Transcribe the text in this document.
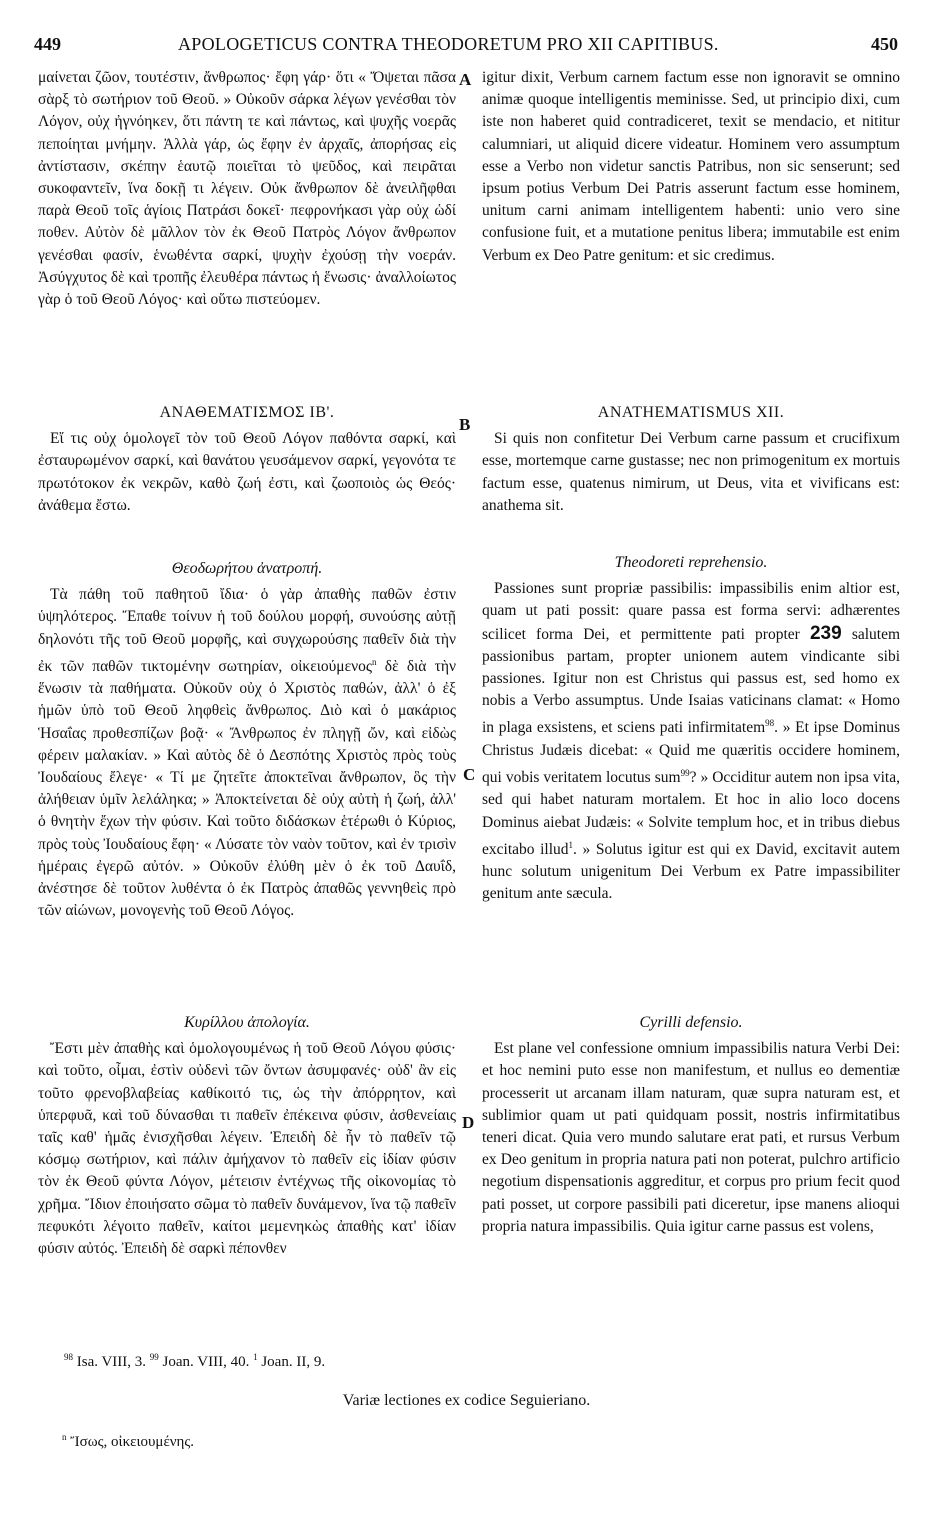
449	APOLOGETICUS CONTRA THEODORETUM PRO XII CAPITIBUS.	450
A
B
C
D

μαίνεται ζῶον, τουτέστιν, ἄνθρωπος· ἔφη γάρ· ὅτι « Ὄψεται πᾶσα σὰρξ τὸ σωτήριον τοῦ Θεοῦ. » Οὐκοῦν σάρκα λέγων γενέσθαι τὸν Λόγον, οὐχ ἠγνόηκεν, ὅτι πάντη τε καὶ πάντως, καὶ ψυχῆς νοερᾶς πεποίηται μνήμην. Ἀλλὰ γάρ, ὡς ἔφην ἐν ἀρχαῖς, ἀπορήσας εἰς ἀντίστασιν, σκέπην ἑαυτῷ ποιεῖται τὸ ψεῦδος, καὶ πειρᾶται συκοφαντεῖν, ἵνα δοκῇ τι λέγειν. Οὐκ ἄνθρωπον δὲ ἀνειλῆφθαι παρὰ Θεοῦ τοῖς ἁγίοις Πατράσι δοκεῖ· πεφρονήκασι γὰρ οὐχ ὡδί ποθεν. Αὐτὸν δὲ μᾶλλον τὸν ἐκ Θεοῦ Πατρὸς Λόγον ἄνθρωπον γενέσθαι φασίν, ἑνωθέντα σαρκί, ψυχὴν ἐχούσῃ τὴν νοεράν. Ἀσύγχυτος δὲ καὶ τροπῆς ἐλευθέρα πάντως ἡ ἕνωσις· ἀναλλοίωτος γὰρ ὁ τοῦ Θεοῦ Λόγος· καὶ οὕτω πιστεύομεν.

ΑΝΑΘΕΜΑΤΙΣΜΟΣ ΙΒ'.

Εἴ τις οὐχ ὁμολογεῖ τὸν τοῦ Θεοῦ Λόγον παθόντα σαρκί, καὶ ἐσταυρωμένον σαρκί, καὶ θανάτου γευσάμενον σαρκί, γεγονότα τε πρωτότοκον ἐκ νεκρῶν, καθὸ ζωή ἐστι, καὶ ζωοποιὸς ὡς Θεός· ἀνάθεμα ἔστω.

Θεοδωρήτου ἀνατροπή.

Τὰ πάθη τοῦ παθητοῦ ἴδια· ὁ γὰρ ἀπαθὴς παθῶν ἐστιν ὑψηλότερος. Ἔπαθε τοίνυν ἡ τοῦ δούλου μορφή, συνούσης αὐτῇ δηλονότι τῆς τοῦ Θεοῦ μορφῆς, καὶ συγχωρούσης παθεῖν διὰ τὴν ἐκ τῶν παθῶν τικτομένην σωτηρίαν, οἰκειούμενος$^n$ δὲ διὰ τὴν ἕνωσιν τὰ παθήματα. Οὐκοῦν οὐχ ὁ Χριστὸς παθών, ἀλλ' ὁ ἐξ ἡμῶν ὑπὸ τοῦ Θεοῦ ληφθεὶς ἄνθρωπος. Διὸ καὶ ὁ μακάριος Ἡσαΐας προθεσπίζων βοᾷ· « Ἄνθρωπος ἐν πληγῇ ὤν, καὶ εἰδὼς φέρειν μαλακίαν. » Καὶ αὐτὸς δὲ ὁ Δεσπότης Χριστὸς πρὸς τοὺς Ἰουδαίους ἔλεγε· « Τί με ζητεῖτε ἀποκτεῖναι ἄνθρωπον, ὃς τὴν ἀλήθειαν ὑμῖν λελάληκα; » Ἀποκτείνεται δὲ οὐχ αὐτὴ ἡ ζωή, ἀλλ' ὁ θνητὴν ἔχων τὴν φύσιν. Καὶ τοῦτο διδάσκων ἑτέρωθι ὁ Κύριος, πρὸς τοὺς Ἰουδαίους ἔφη· « Λύσατε τὸν ναὸν τοῦτον, καὶ ἐν τρισὶν ἡμέραις ἐγερῶ αὐτόν. » Οὐκοῦν ἐλύθη μὲν ὁ ἐκ τοῦ Δαυΐδ, ἀνέστησε δὲ τοῦτον λυθέντα ὁ ἐκ Πατρὸς ἀπαθῶς γεννηθεὶς πρὸ τῶν αἰώνων, μονογενὴς τοῦ Θεοῦ Λόγος.

Κυρίλλου ἀπολογία.

Ἔστι μὲν ἀπαθὴς καὶ ὁμολογουμένως ἡ τοῦ Θεοῦ Λόγου φύσις· καὶ τοῦτο, οἶμαι, ἐστὶν οὐδενὶ τῶν ὄντων ἀσυμφανές· οὐδ' ἂν εἰς τοῦτο φρενοβλαβείας καθίκοιτό τις, ὡς τὴν ἀπόρρητον, καὶ ὑπερφυᾶ, καὶ τοῦ δύνασθαι τι παθεῖν ἐπέκεινα φύσιν, ἀσθενείαις ταῖς καθ' ἡμᾶς ἐνισχῆσθαι λέγειν. Ἐπειδὴ δὲ ἦν τὸ παθεῖν τῷ κόσμῳ σωτήριον, καὶ πάλιν ἀμήχανον τὸ παθεῖν εἰς ἰδίαν φύσιν τὸν ἐκ Θεοῦ φύντα Λόγον, μέτεισιν ἐντέχνως τῆς οἰκονομίας τὸ χρῆμα. Ἴδιον ἐποιήσατο σῶμα τὸ παθεῖν δυνάμενον, ἵνα τῷ παθεῖν πεφυκότι λέγοιτο παθεῖν, καίτοι μεμενηκὼς ἀπαθὴς κατ' ἰδίαν φύσιν αὐτός. Ἐπειδὴ δὲ σαρκὶ πέπονθεν

igitur dixit, Verbum carnem factum esse non ignoravit se omnino animæ quoque intelligentis meminisse. Sed, ut principio dixi, cum iste non haberet quid contradiceret, texit se mendacio, et nititur calumniari, ut aliquid dicere videatur. Hominem vero assumptum esse a Verbo non videtur sanctis Patribus, non sic senserunt; sed ipsum potius Verbum Dei Patris asserunt factum esse hominem, unitum carni animam intelligentem habenti: unio vero sine confusione fuit, et a mutatione penitus libera; immutabile est enim Verbum ex Deo Patre genitum: et sic credimus.

ANATHEMATISMUS XII.

Si quis non confitetur Dei Verbum carne passum et crucifixum esse, mortemque carne gustasse; nec non primogenitum ex mortuis factum esse, quatenus nimirum, ut Deus, vita et vivificans est: anathema sit.

Theodoreti reprehensio.

Passiones sunt propriæ passibilis: impassibilis enim altior est, quam ut pati possit: quare passa est forma servi: adhærentes scilicet forma Dei, et permittente pati propter 239 salutem passionibus partam, propter unionem autem vindicante sibi passiones. Igitur non est Christus qui passus est, sed homo ex nobis a Verbo assumptus. Unde Isaias vaticinans clamat: « Homo in plaga exsistens, et sciens pati infirmitatem$^{98}$. » Et ipse Dominus Christus Judæis dicebat: « Quid me quæritis occidere hominem, qui vobis veritatem locutus sum$^{99}$? » Occiditur autem non ipsa vita, sed qui habet naturam mortalem. Et hoc in alio loco docens Dominus aiebat Judæis: « Solvite templum hoc, et in tribus diebus excitabo illud$^1$. » Solutus igitur est qui ex David, excitavit autem hunc solutum unigenitum Dei Verbum ex Patre impassibiliter genitum ante sæcula.

Cyrilli defensio.

Est plane vel confessione omnium impassibilis natura Verbi Dei: et hoc nemini puto esse non manifestum, et nullus eo dementiæ processerit ut arcanam illam naturam, quæ supra naturam est, et sublimior quam ut pati quidquam possit, nostris infirmitatibus teneri dicat. Quia vero mundo salutare erat pati, et rursus Verbum ex Deo genitum in propria natura pati non poterat, pulchro artificio negotium dispensationis aggreditur, et corpus pro prium fecit quod pati posset, ut corpore passibili pati diceretur, ipse manens alioqui propria natura impassibilis. Quia igitur carne passus est volens,

$^{98}$ Isa. VIII, 3. $^{99}$ Joan. VIII, 40. $^1$ Joan. II, 9.
Variæ lectiones ex codice Seguieriano.
$^n$ Ἴσως, οἰκειουμένης.
